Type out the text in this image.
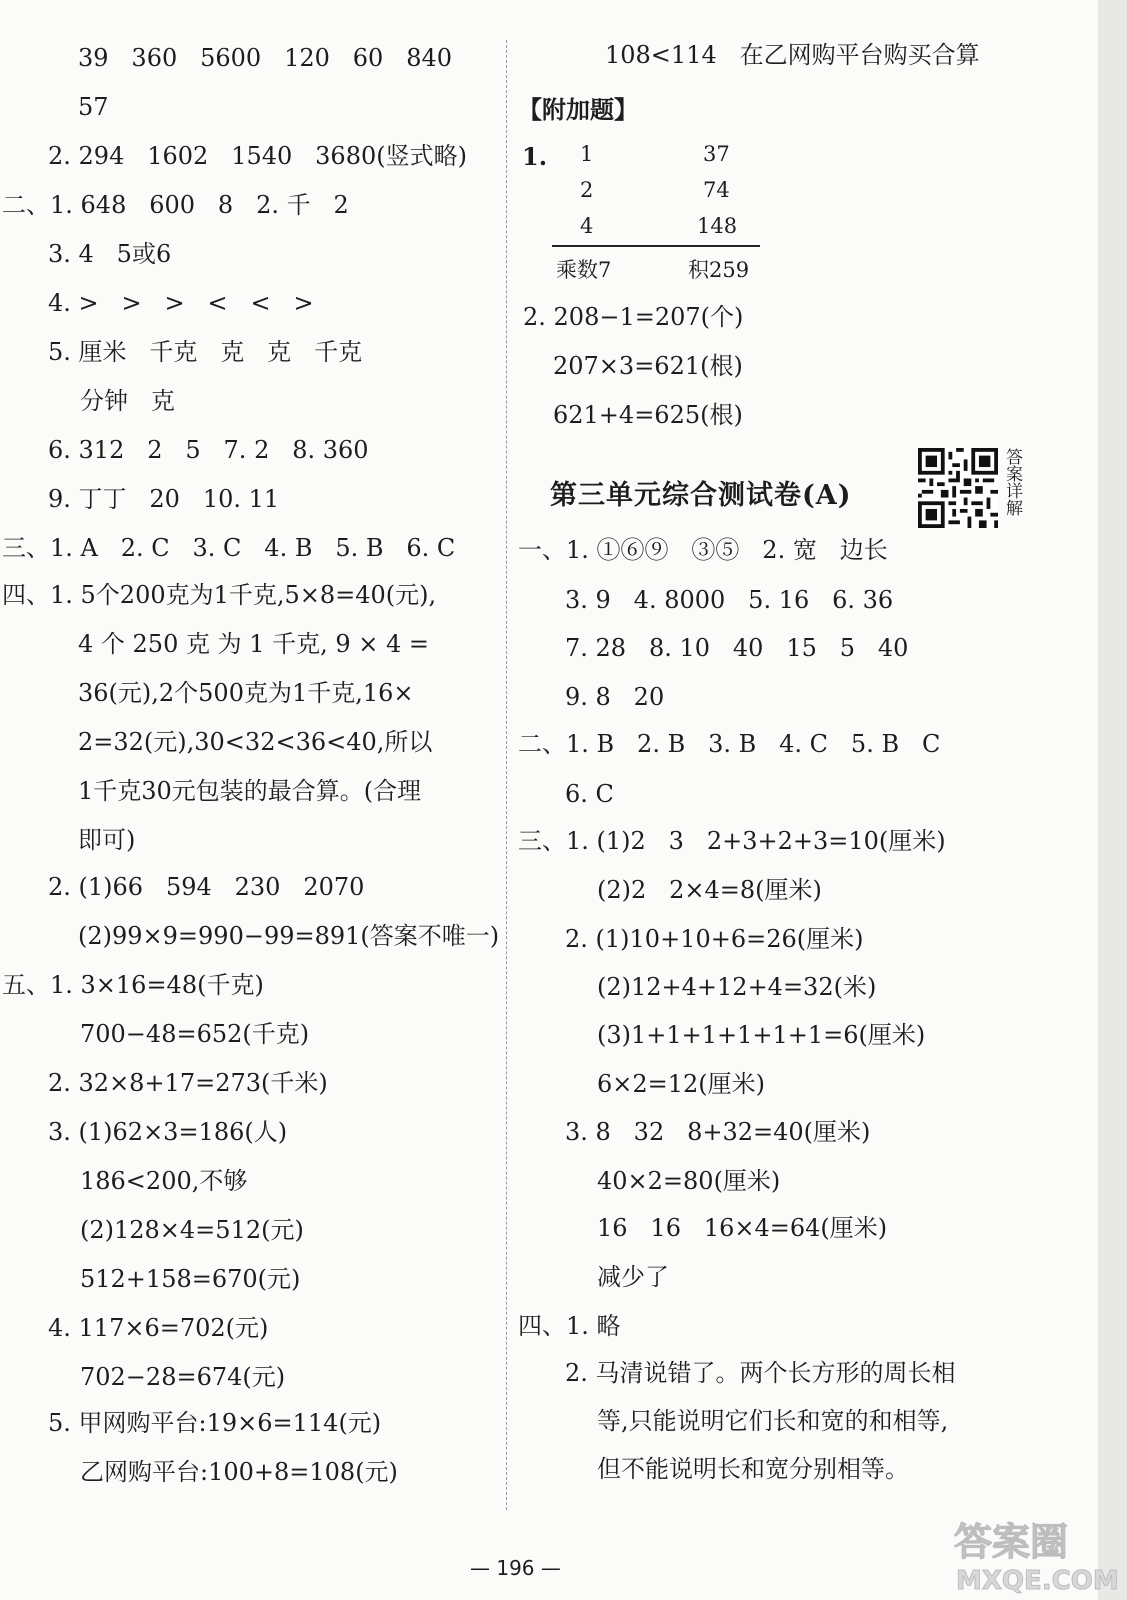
39   360   5600   120   60   840
57
2. 294   1602   1540   3680(竖式略)
二、1. 648   600   8   2. 千   2
3. 4   5或6
4. >   >   >   <   <   >
5. 厘米   千克   克   克   千克
分钟   克
6. 312   2   5   7. 2   8. 360
9. 丁丁   20   10. 11
三、1. A   2. C   3. C   4. B   5. B   6. C
四、1. 5个200克为1千克,5×8=40(元),
4 个 250 克 为 1 千克, 9 × 4 =
36(元),2个500克为1千克,16×
2=32(元),30<32<36<40,所以
1千克30元包装的最合算。(合理
即可)
2. (1)66   594   230   2070
(2)99×9=990−99=891(答案不唯一)
五、1. 3×16=48(千克)
700−48=652(千克)
2. 32×8+17=273(千米)
3. (1)62×3=186(人)
186<200,不够
(2)128×4=512(元)
512+158=670(元)
4. 117×6=702(元)
702−28=674(元)
5. 甲网购平台:19×6=114(元)
乙网购平台:100+8=108(元)
108<114   在乙网购平台购买合算
【附加题】
1. 1	37
2	74
4	148
乘数7	积259
2. 208−1=207(个)
207×3=621(根)
621+4=625(根)
第三单元综合测试卷(A)	答案详解
一、1. ①⑥⑨   ③⑤   2. 宽   边长
3. 9   4. 8000   5. 16   6. 36
7. 28   8. 10   40   15   5   40
9. 8   20
二、1. B   2. B   3. B   4. C   5. B   C
6. C
三、1. (1)2   3   2+3+2+3=10(厘米)
(2)2   2×4=8(厘米)
2. (1)10+10+6=26(厘米)
(2)12+4+12+4=32(米)
(3)1+1+1+1+1+1=6(厘米)
6×2=12(厘米)
3. 8   32   8+32=40(厘米)
40×2=80(厘米)
16   16   16×4=64(厘米)
减少了
四、1. 略
2. 马清说错了。两个长方形的周长相
等,只能说明它们长和宽的和相等,
但不能说明长和宽分别相等。
— 196 —
答案圈
MXQE.COM
